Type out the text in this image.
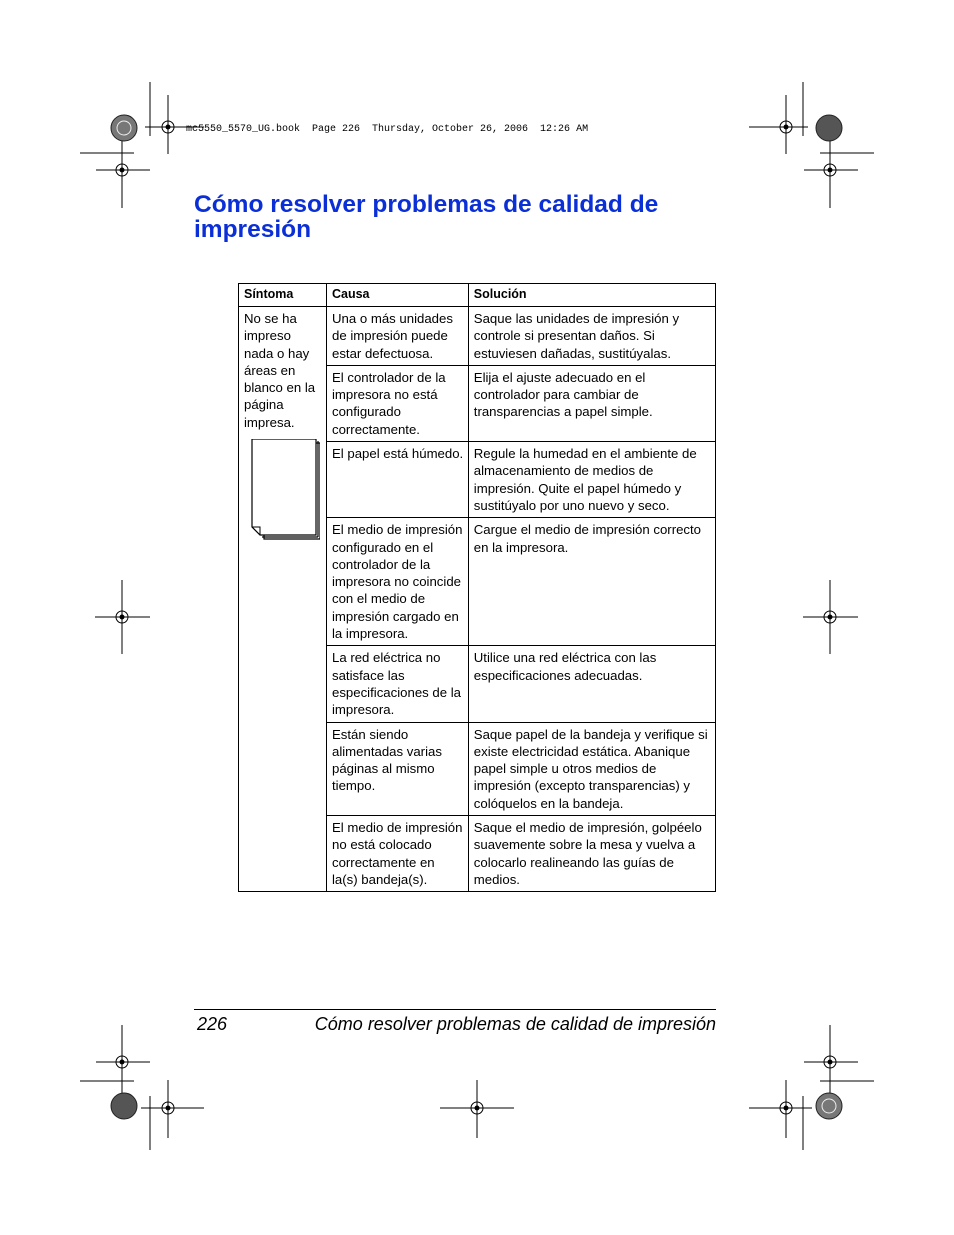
mc5550_5570_UG.book  Page 226  Thursday, October 26, 2006  12:26 AM
Cómo resolver problemas de calidad de impresión
Síntoma	Causa	Solución

No se ha impreso nada o hay áreas en blanco en la página impresa.	Una o más unidades de impresión puede estar defectuosa.	Saque las unidades de impresión y controle si presentan daños. Si estuviesen dañadas, sustitúyalas.
	El controlador de la impresora no está configurado correctamente.	Elija el ajuste adecuado en el controlador para cambiar de transparencias a papel simple.
	El papel está húmedo.	Regule la humedad en el ambiente de almacenamiento de medios de impresión. Quite el papel húmedo y sustitúyalo por uno nuevo y seco.
	El medio de impresión configurado en el controlador de la impresora no coincide con el medio de impresión cargado en la impresora.	Cargue el medio de impresión correcto en la impresora.
	La red eléctrica no satisface las especificaciones de la impresora.	Utilice una red eléctrica con las especificaciones adecuadas.
	Están siendo alimentadas varias páginas al mismo tiempo.	Saque papel de la bandeja y verifique si existe electricidad estática. Abanique papel simple u otros medios de impresión (excepto transparencias) y colóquelos en la bandeja.
	El medio de impresión no está colocado correctamente en la(s) bandeja(s).	Saque el medio de impresión, golpéelo suavemente sobre la mesa y vuelva a colocarlo realineando las guías de medios.
226	Cómo resolver problemas de calidad de impresión
